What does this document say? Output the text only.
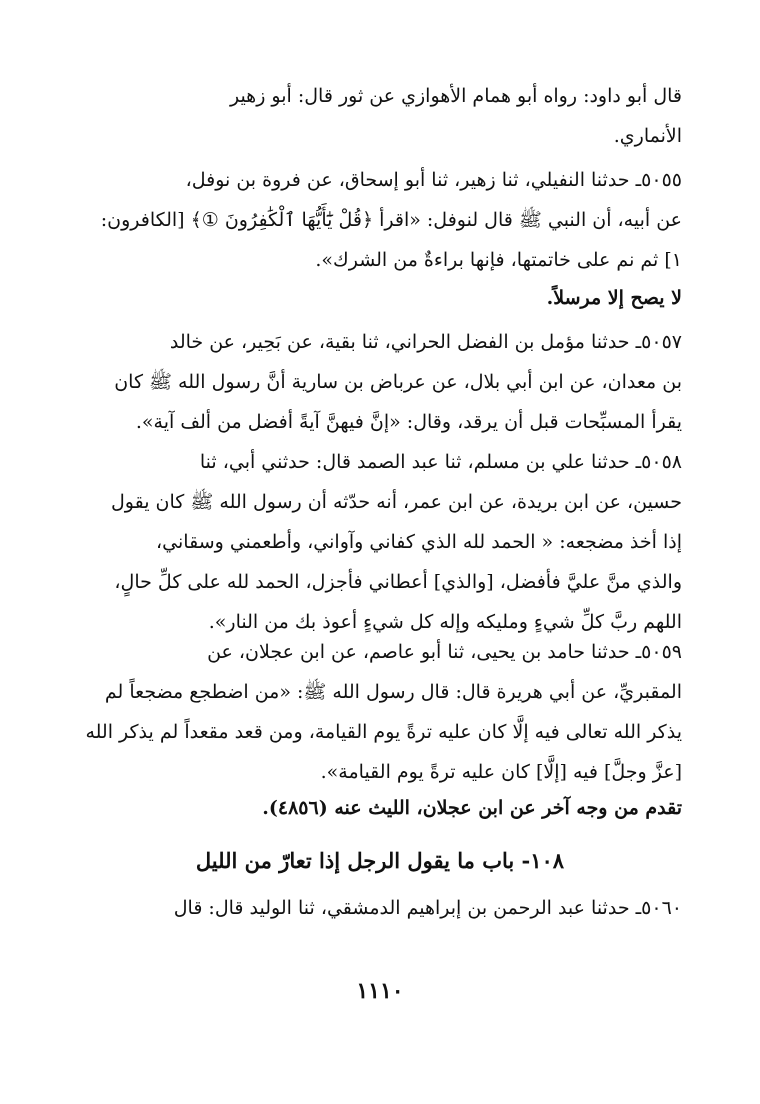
قال أبو داود: رواه أبو همام الأهوازي عن ثور قال: أبو زهير
الأنماري.

٥٠٥٥ـ حدثنا النفيلي، ثنا زهير، ثنا أبو إسحاق، عن فروة بن نوفل،
عن أبيه، أن النبي ﷺ قال لنوفل: «اقرأ ﴿قُلْ يَٰٓأَيُّهَا ٱلْكَٰفِرُونَ ①﴾ [الكافرون:
١] ثم نم على خاتمتها، فإنها براءةٌ من الشرك».

لا يصح إلا مرسلاً.

٥٠٥٧ـ حدثنا مؤمل بن الفضل الحراني، ثنا بقية، عن بَحِير، عن خالد
بن معدان، عن ابن أبي بلال، عن عرباض بن سارية أنَّ رسول الله ﷺ كان
يقرأ المسبِّحات قبل أن يرقد، وقال: «إنَّ فيهنَّ آيةً أفضل من ألف آية».

٥٠٥٨ـ حدثنا علي بن مسلم، ثنا عبد الصمد قال: حدثني أبي، ثنا
حسين، عن ابن بريدة، عن ابن عمر، أنه حدّثه أن رسول الله ﷺ كان يقول
إذا أخذ مضجعه: « الحمد لله الذي كفاني وآواني، وأطعمني وسقاني،
والذي منَّ عليَّ فأفضل، [والذي] أعطاني فأجزل، الحمد لله على كلِّ حالٍ،
اللهم ربَّ كلِّ شيءٍ ومليكه وإله كل شيءٍ أعوذ بك من النار».

٥٠٥٩ـ حدثنا حامد بن يحيى، ثنا أبو عاصم، عن ابن عجلان، عن
المقبريِّ، عن أبي هريرة قال: قال رسول الله ﷺ: «من اضطجع مضجعاً لم
يذكر الله تعالى فيه إلَّا كان عليه ترةً يوم القيامة، ومن قعد مقعداً لم يذكر الله
[عزَّ وجلَّ] فيه [إلَّا] كان عليه ترةً يوم القيامة».

تقدم من وجه آخر عن ابن عجلان، الليث عنه (٤٨٥٦).

١٠٨- باب ما يقول الرجل إذا تعارّ من الليل

٥٠٦٠ـ حدثنا عبد الرحمن بن إبراهيم الدمشقي، ثنا الوليد قال: قال

١١١٠
